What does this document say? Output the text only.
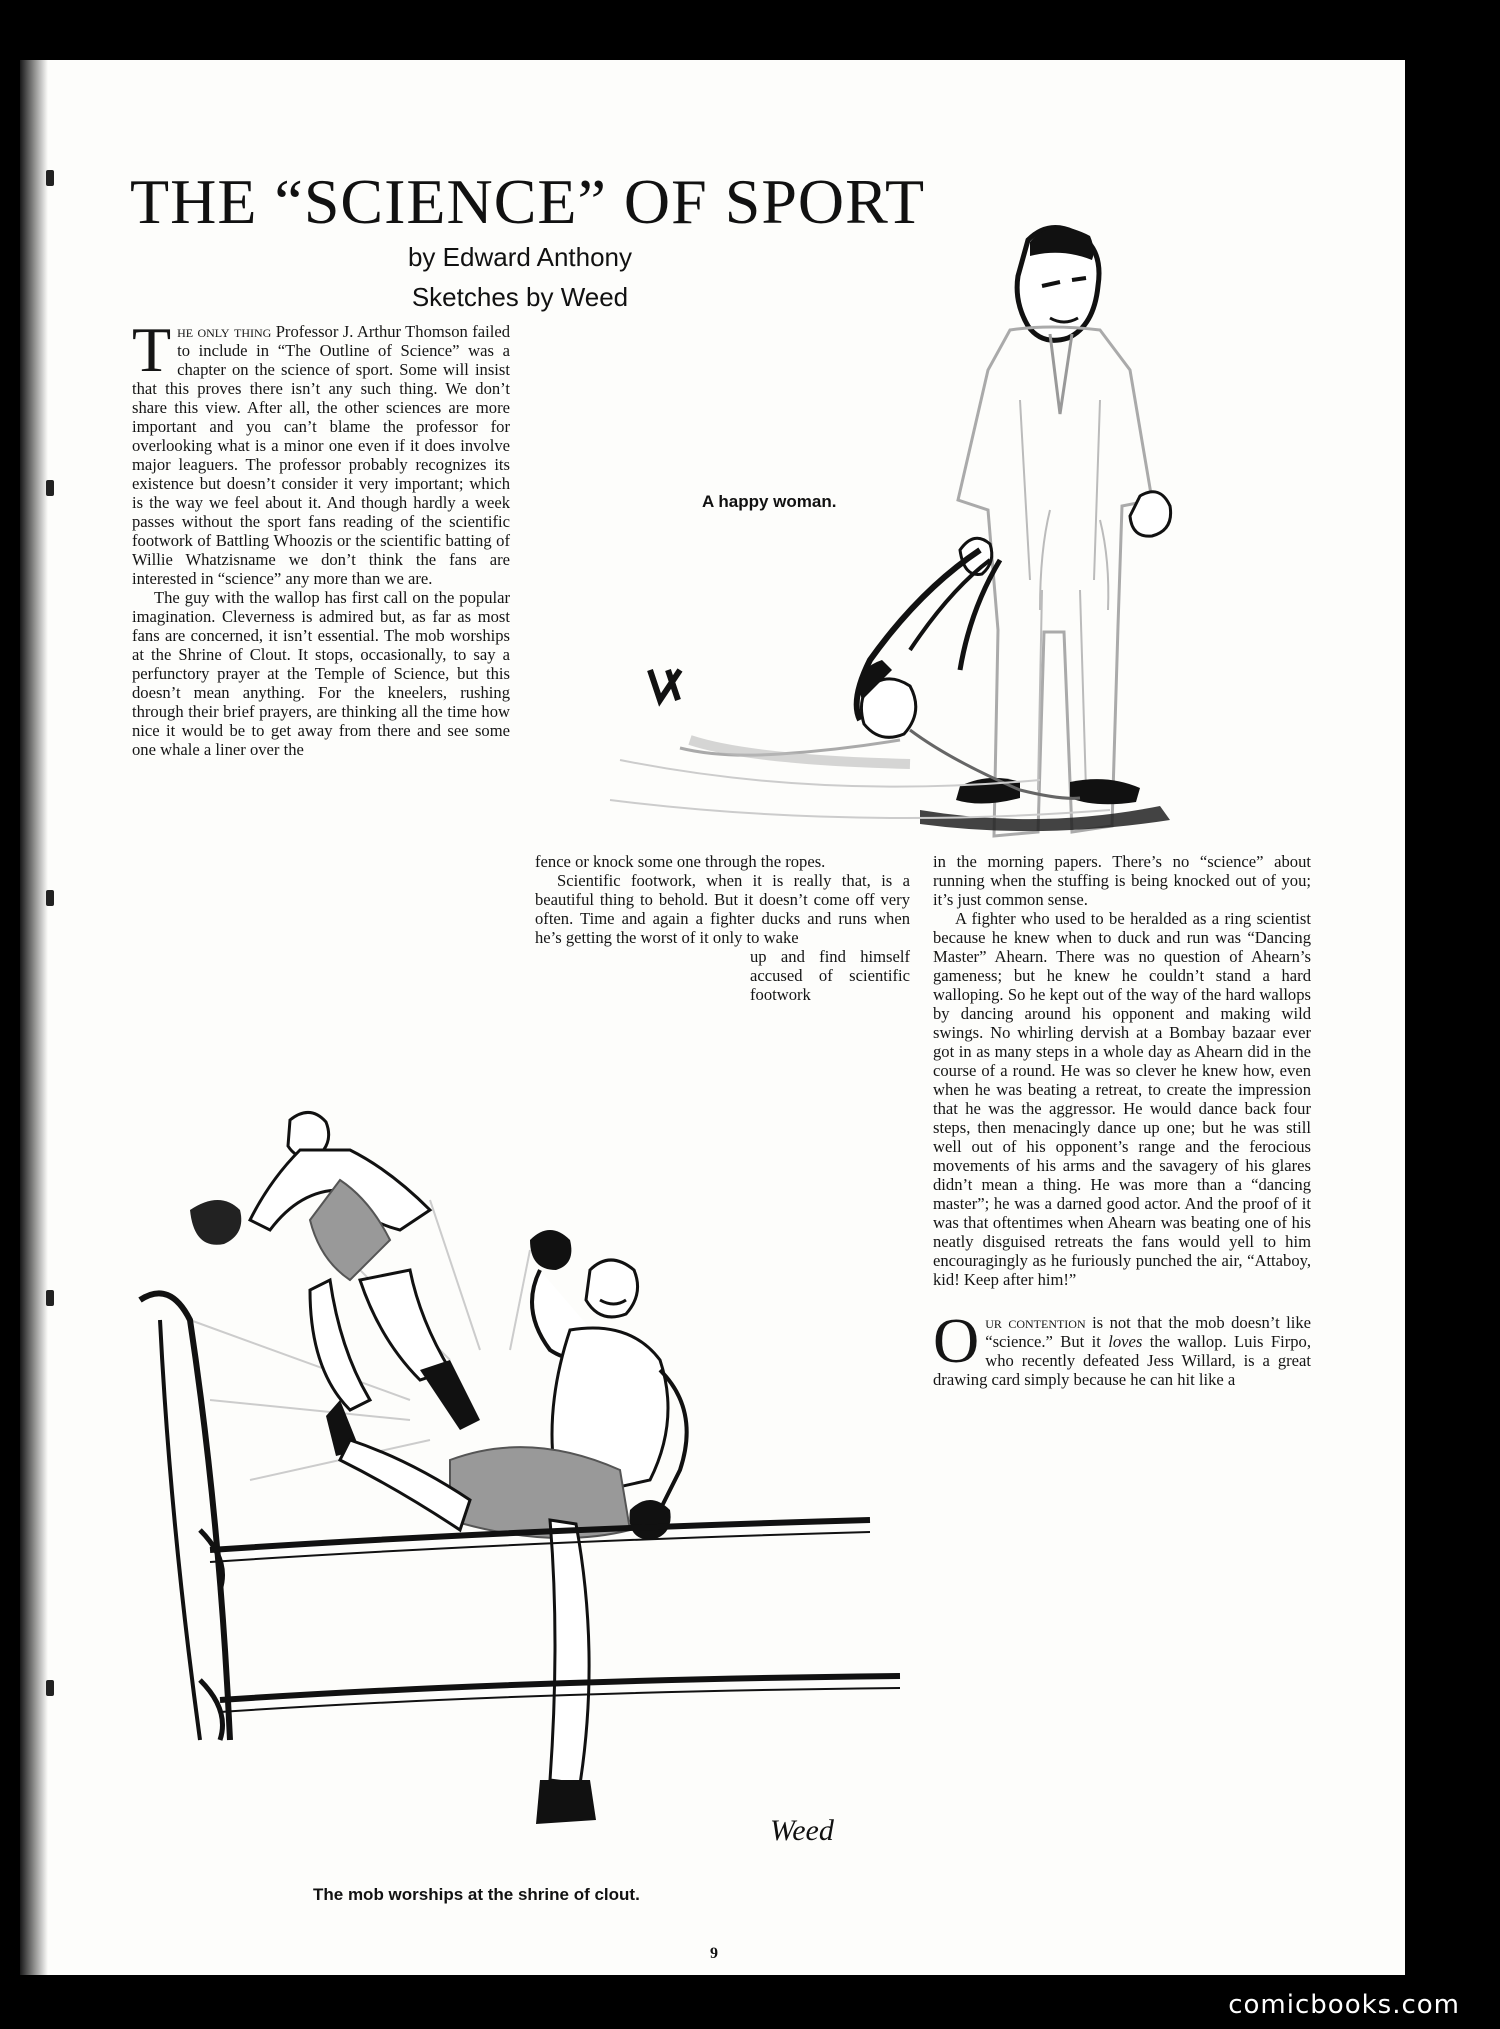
THE “SCIENCE” OF SPORT
by Edward Anthony
Sketches by Weed

The only thing Professor J. Arthur Thomson failed to include in “The Outline of Science” was a chapter on the science of sport. Some will insist that this proves there isn’t any such thing. We don’t share this view. After all, the other sciences are more important and you can’t blame the professor for overlooking what is a minor one even if it does involve major leaguers. The professor probably recognizes its existence but doesn’t consider it very important; which is the way we feel about it. And though hardly a week passes without the sport fans reading of the scientific footwork of Battling Whoozis or the scientific batting of Willie Whatzisname we don’t think the fans are interested in “science” any more than we are.

The guy with the wallop has first call on the popular imagination. Cleverness is admired but, as far as most fans are concerned, it isn’t essential. The mob worships at the Shrine of Clout. It stops, occasionally, to say a perfunctory prayer at the Temple of Science, but this doesn’t mean anything. For the kneelers, rushing through their brief prayers, are thinking all the time how nice it would be to get away from there and see some one whale a liner over the

fence or knock some one through the ropes.

Scientific footwork, when it is really that, is a beautiful thing to behold. But it doesn’t come off very often. Time and again a fighter ducks and runs when he’s getting the worst of it only to wake

up and find himself accused of scientific footwork

in the morning papers. There’s no “science” about running when the stuffing is being knocked out of you; it’s just common sense.

A fighter who used to be heralded as a ring scientist because he knew when to duck and run was “Dancing Master” Ahearn. There was no question of Ahearn’s gameness; but he knew he couldn’t stand a hard walloping. So he kept out of the way of the hard wallops by dancing around his opponent and making wild swings. No whirling dervish at a Bombay bazaar ever got in as many steps in a whole day as Ahearn did in the course of a round. He was so clever he knew how, even when he was beating a retreat, to create the impression that he was the aggressor. He would dance back four steps, then menacingly dance up one; but he was still well out of his opponent’s range and the ferocious movements of his arms and the savagery of his glares didn’t mean a thing. He was more than a “dancing master”; he was a darned good actor. And the proof of it was that oftentimes when Ahearn was beating one of his neatly disguised retreats the fans would yell to him encouragingly as he furiously punched the air, “Attaboy, kid! Keep after him!”

Our contention is not that the mob doesn’t like “science.” But it loves the wallop. Luis Firpo, who recently defeated Jess Willard, is a great drawing card simply because he can hit like a

A happy woman.
Weed
The mob worships at the shrine of clout.
9
comicbooks.com
